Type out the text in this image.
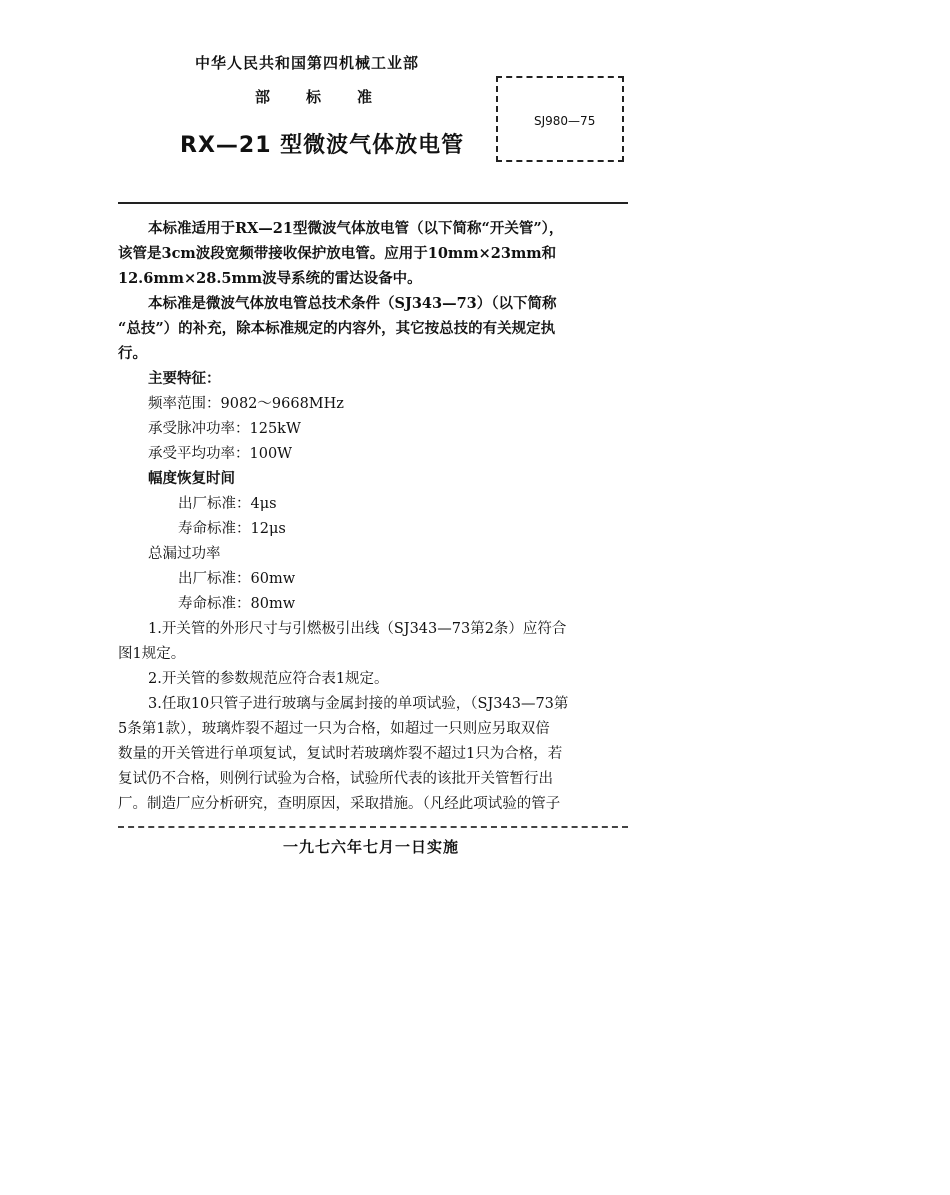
中华人民共和国第四机械工业部

部标准

SJ980—75
RX—21 型微波气体放电管

本标准适用于RX—21型微波气体放电管（以下简称“开关管”），

该管是3cm波段宽频带接收保护放电管。应用于10mm×23mm和

12.6mm×28.5mm波导系统的雷达设备中。

本标准是微波气体放电管总技术条件（SJ343—73）（以下简称

“总技”）的补充，除本标准规定的内容外，其它按总技的有关规定执

行。

主要特征：

频率范围：9082～9668MHz

承受脉冲功率：125kW

承受平均功率：100W

幅度恢复时间

出厂标准：4μs

寿命标准：12μs

总漏过功率

出厂标准：60mw

寿命标准：80mw

1.开关管的外形尺寸与引燃极引出线（SJ343—73第2条）应符合

图1规定。

2.开关管的参数规范应符合表1规定。

3.任取10只管子进行玻璃与金属封接的单项试验，（SJ343—73第

5条第1款），玻璃炸裂不超过一只为合格，如超过一只则应另取双倍

数量的开关管进行单项复试，复试时若玻璃炸裂不超过1只为合格，若

复试仍不合格，则例行试验为合格，试验所代表的该批开关管暂行出

厂。制造厂应分析研究，查明原因，采取措施。（凡经此项试验的管子

一九七六年七月一日实施
